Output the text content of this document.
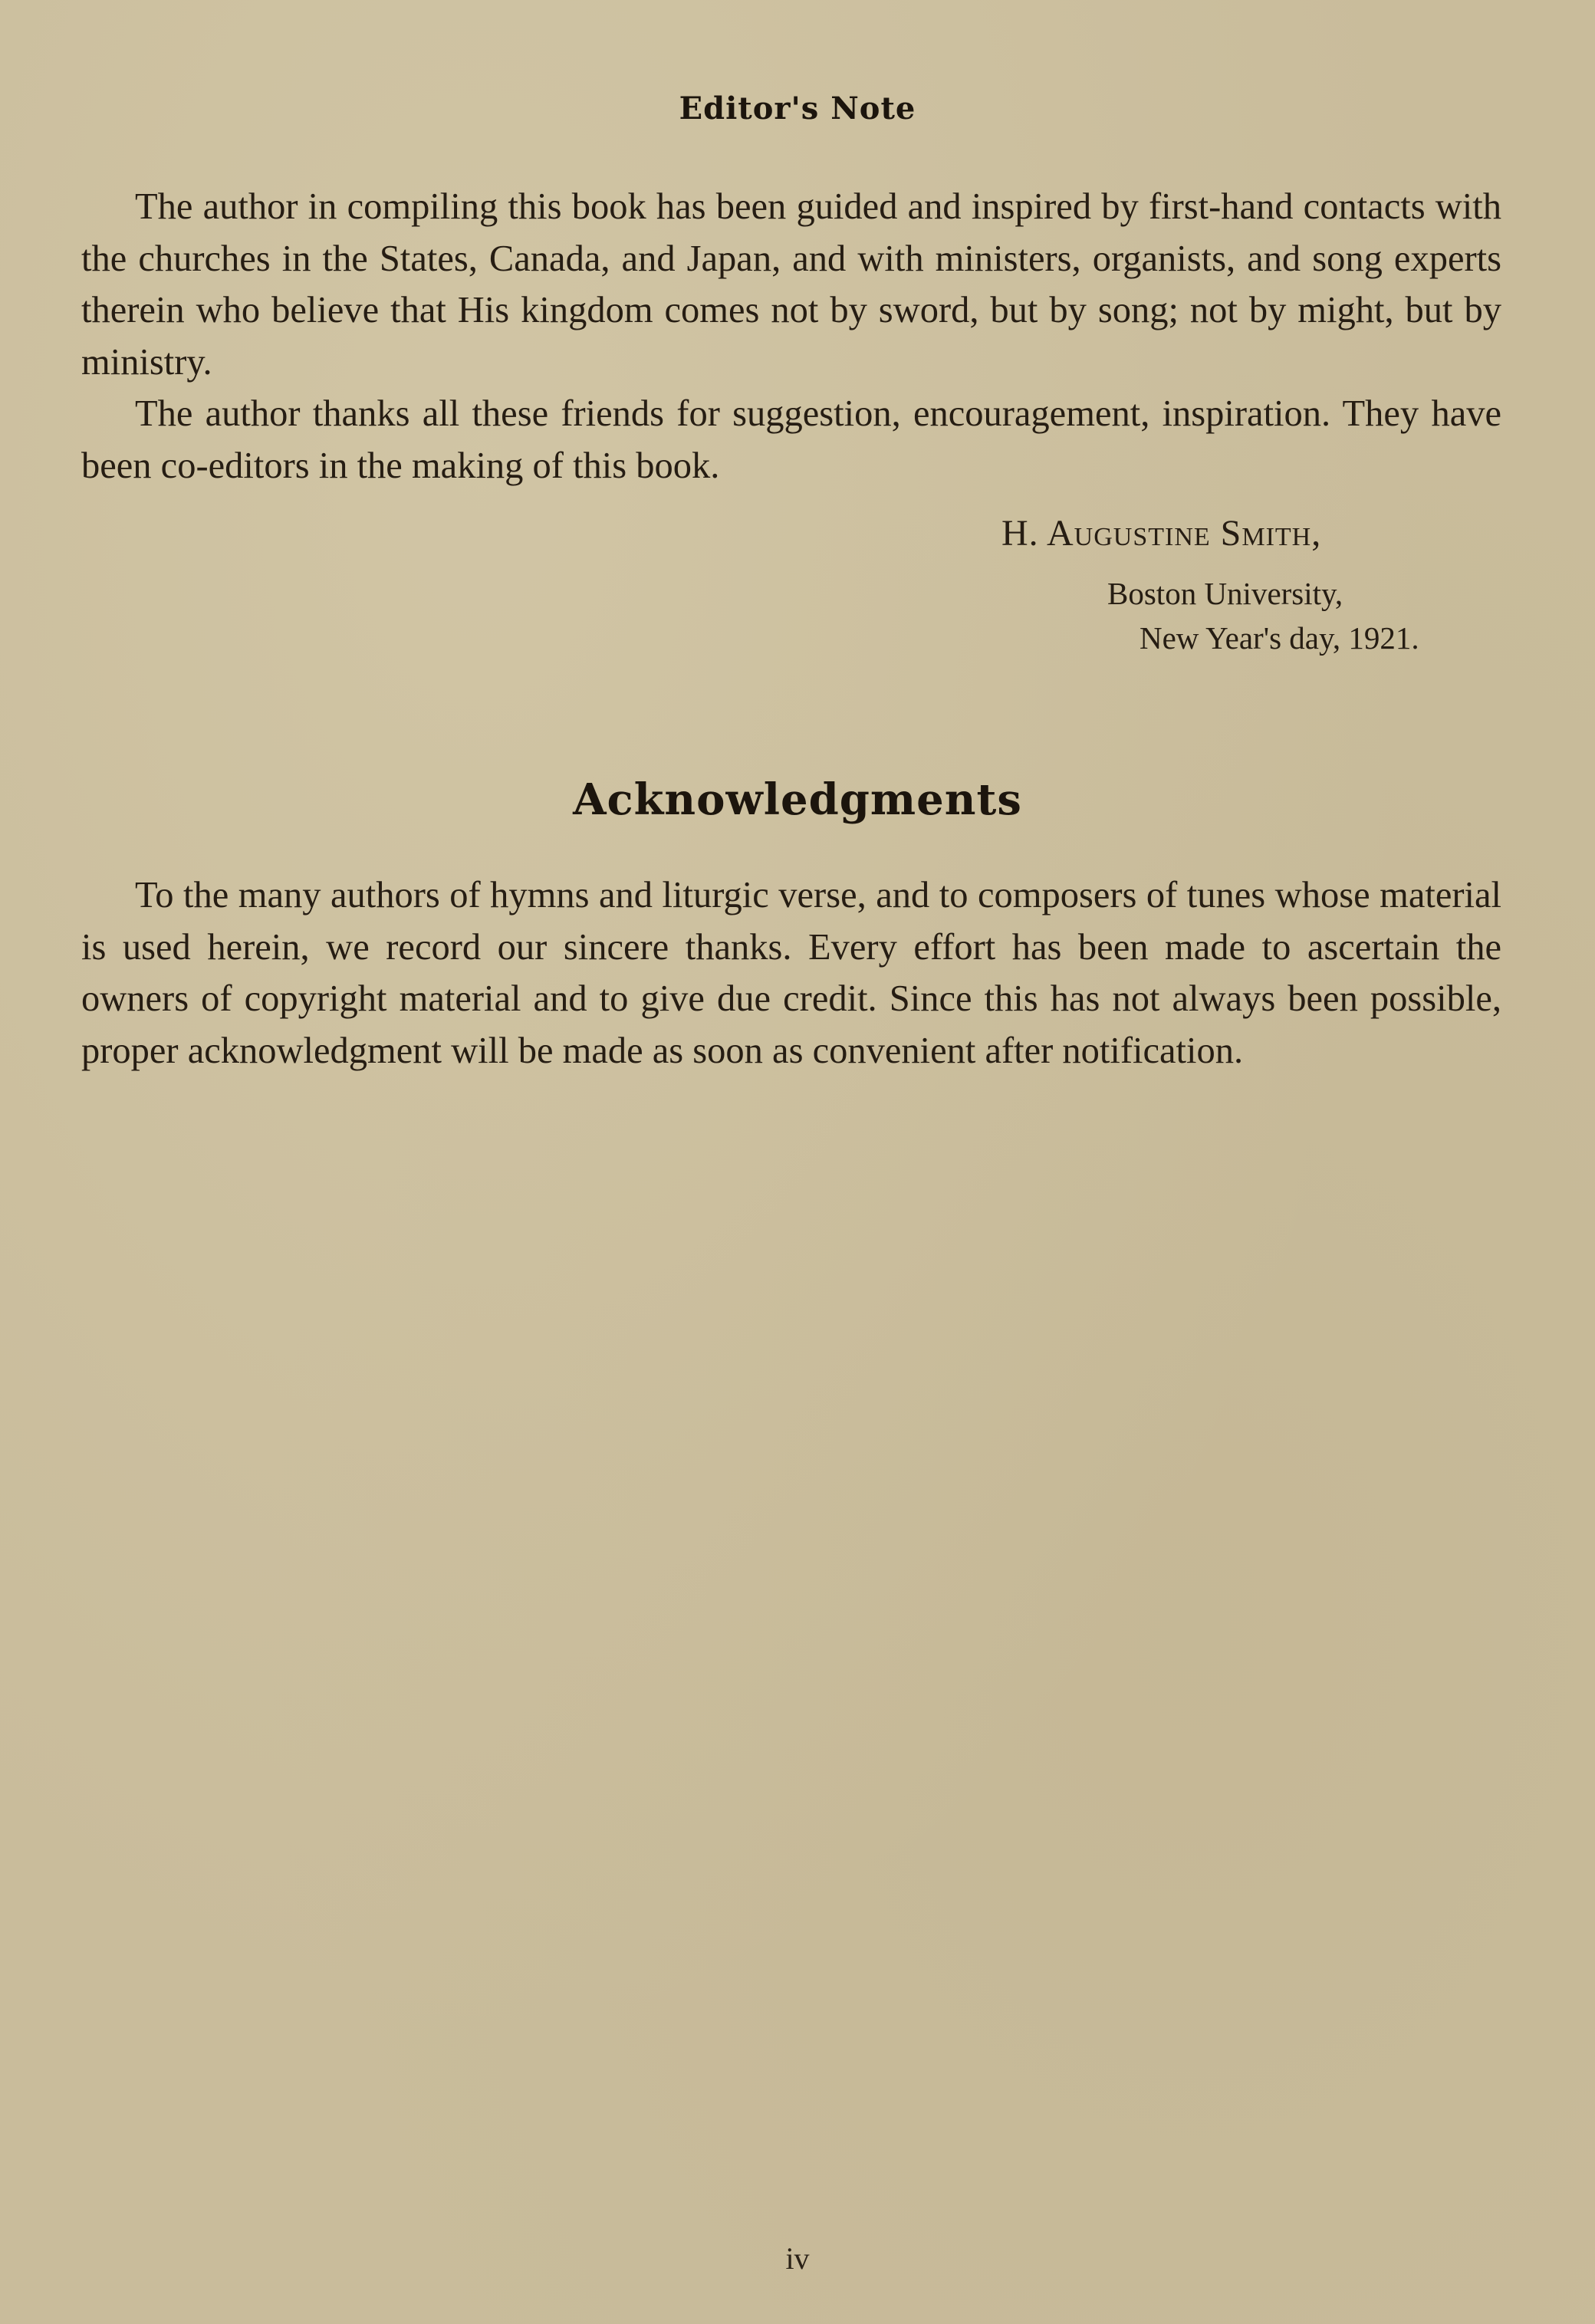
Editor's Note

The author in compiling this book has been guided and inspired by first-hand contacts with the churches in the States, Canada, and Japan, and with ministers, organists, and song experts therein who believe that His kingdom comes not by sword, but by song; not by might, but by ministry.

The author thanks all these friends for suggestion, encouragement, inspiration. They have been co-editors in the making of this book.

H. Augustine Smith,
Boston University,
New Year's day, 1921.
Acknowledgments

To the many authors of hymns and liturgic verse, and to composers of tunes whose material is used herein, we record our sincere thanks. Every effort has been made to ascertain the owners of copyright material and to give due credit. Since this has not always been possible, proper acknowledgment will be made as soon as convenient after notification.

iv
